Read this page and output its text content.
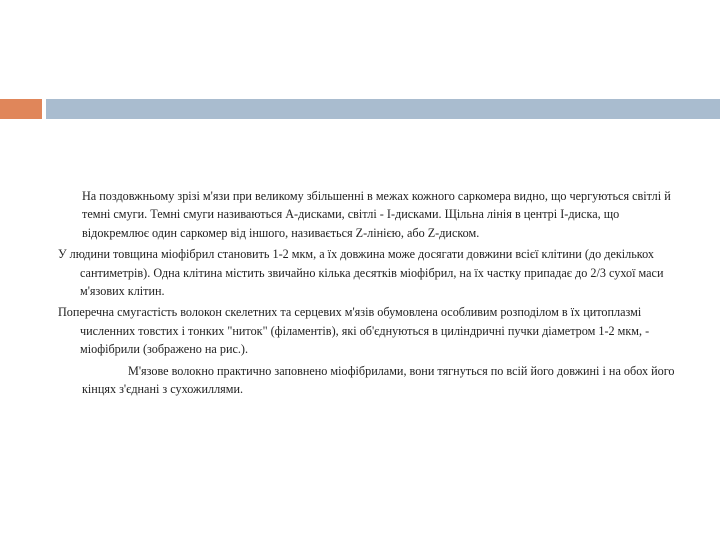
На поздовжньому зрізі м'язи при великому збільшенні в межах кожного саркомера видно, що чергуються світлі й темні смуги. Темні смуги називаються А-дисками, світлі - І-дисками. Щільна лінія в центрі І-диска, що відокремлює один саркомер від іншого, називається Z-лінією, або Z-диском.

У людини товщина міофібрил становить 1-2 мкм, а їх довжина може досягати довжини всієї клітини (до декількох сантиметрів). Одна клітина містить звичайно кілька десятків міофібрил, на їх частку припадає до 2/3 сухої маси м'язових клітин.

Поперечна смугастість волокон скелетних та серцевих м'язів обумовлена особливим розподілом в їх цитоплазмі численних товстих і тонких "ниток" (філаментів), які об'єднуються в циліндричні пучки діаметром 1-2 мкм, - міофібрили (зображено на рис.).

М'язове волокно практично заповнено міофібрилами, вони тягнуться по всій його довжині і на обох його кінцях з'єднані з сухожиллями.
